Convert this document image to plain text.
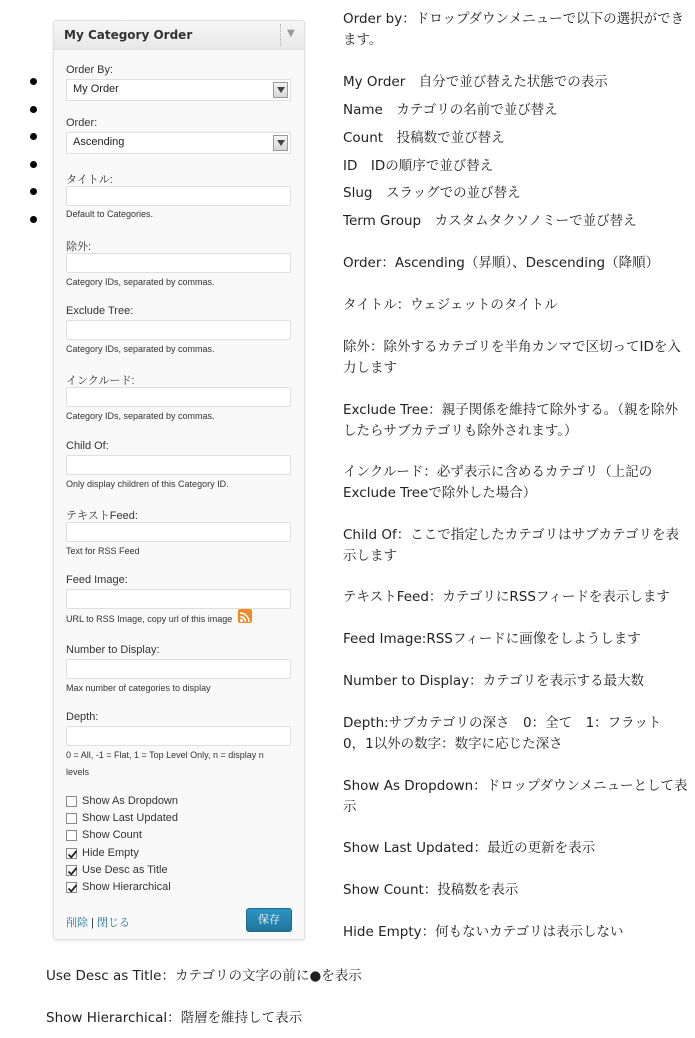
My Category Order	▼
Order By:
My Order
Order:
Ascending
タイトル:
Default to Categories.
除外:
Category IDs, separated by commas.
Exclude Tree:
Category IDs, separated by commas.
インクルード:
Category IDs, separated by commas.
Child Of:
Only display children of this Category ID.
テキストFeed:
Text for RSS Feed
Feed Image:
URL to RSS Image, copy url of this image
Number to Display:
Max number of categories to display
Depth:
0 = All, -1 = Flat, 1 = Top Level Only, n = display n
levels
Show As Dropdown
Show Last Updated
Show Count
Hide Empty
Use Desc as Title
Show Hierarchical
削除 | 閉じる	保存
Order by：ドロップダウンメニューで以下の選択ができます。
My Order　自分で並び替えた状態での表示
Name　カテゴリの名前で並び替え
Count　投稿数で並び替え
ID　IDの順序で並び替え
Slug　スラッグでの並び替え
Term Group　カスタムタクソノミーで並び替え
Order：Ascending（昇順）、Descending（降順）
タイトル：ウェジェットのタイトル
除外：除外するカテゴリを半角カンマで区切ってIDを入力します
Exclude Tree：親子関係を維持て除外する。（親を除外したらサブカテゴリも除外されます。）
インクルード：必ず表示に含めるカテゴリ（上記のExclude Treeで除外した場合）
Child Of：ここで指定したカテゴリはサブカテゴリを表示します
テキストFeed：カテゴリにRSSフィードを表示します
Feed Image:RSSフィードに画像をしようします
Number to Display：カテゴリを表示する最大数
Depth:サブカテゴリの深さ　0：全て　1：フラット　0，1以外の数字：数字に応じた深さ
Show As Dropdown：ドロップダウンメニューとして表示
Show Last Updated：最近の更新を表示
Show Count：投稿数を表示
Hide Empty：何もないカテゴリは表示しない
Use Desc as Title：カテゴリの文字の前に●を表示
Show Hierarchical：階層を維持して表示
